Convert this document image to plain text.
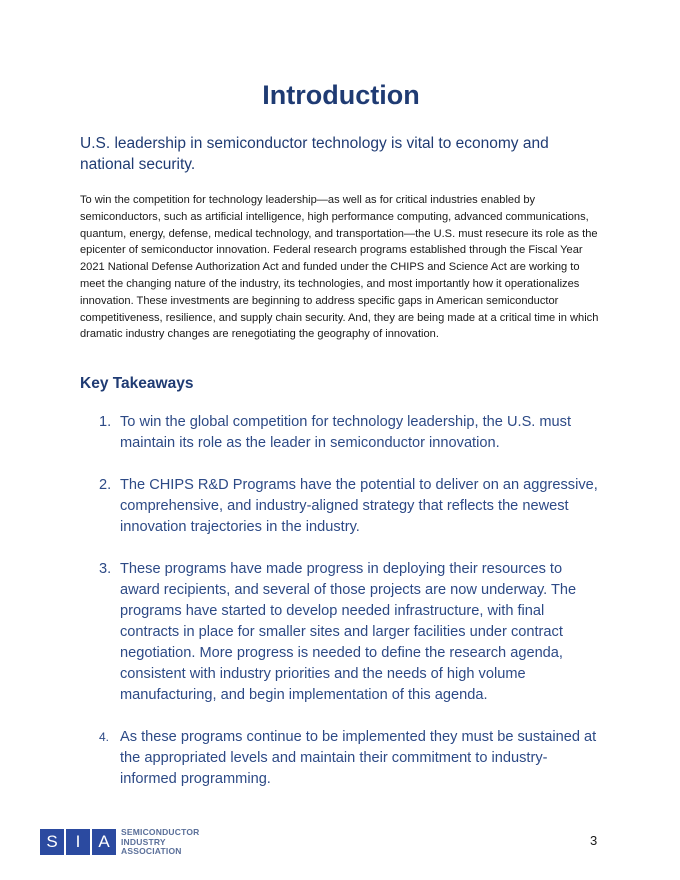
Introduction

U.S. leadership in semiconductor technology is vital to economy and national security.

To win the competition for technology leadership—as well as for critical industries enabled by semiconductors, such as artificial intelligence, high performance computing, advanced communications, quantum, energy, defense, medical technology, and transportation—the U.S. must resecure its role as the epicenter of semiconductor innovation. Federal research programs established through the Fiscal Year 2021 National Defense Authorization Act and funded under the CHIPS and Science Act are working to meet the changing nature of the industry, its technologies, and most importantly how it operationalizes innovation. These investments are beginning to address specific gaps in American semiconductor competitiveness, resilience, and supply chain security. And, they are being made at a critical time in which dramatic industry changes are renegotiating the geography of innovation.

Key Takeaways
1. To win the global competition for technology leadership, the U.S. must maintain its role as the leader in semiconductor innovation.
2. The CHIPS R&D Programs have the potential to deliver on an aggressive, comprehensive, and industry-aligned strategy that reflects the newest innovation trajectories in the industry.
3. These programs have made progress in deploying their resources to award recipients, and several of those projects are now underway. The programs have started to develop needed infrastructure, with final contracts in place for smaller sites and larger facilities under contract negotiation. More progress is needed to define the research agenda, consistent with industry priorities and the needs of high volume manufacturing, and begin implementation of this agenda.
4. As these programs continue to be implemented they must be sustained at the appropriated levels and maintain their commitment to industry-informed programming.
S	I	A
SEMICONDUCTOR
INDUSTRY
ASSOCIATION
3
